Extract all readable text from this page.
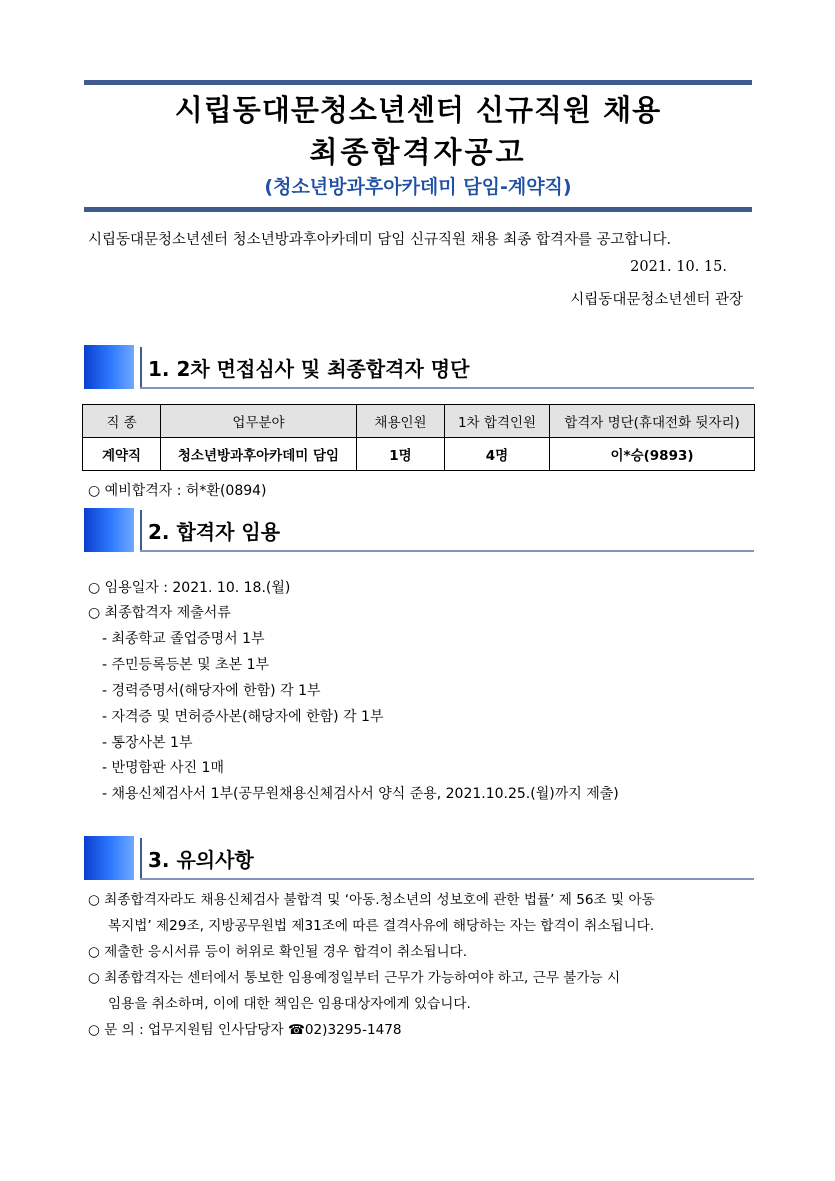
시립동대문청소년센터 신규직원 채용
최종합격자공고
(청소년방과후아카데미 담임-계약직)
시립동대문청소년센터 청소년방과후아카데미 담임 신규직원 채용 최종 합격자를 공고합니다.
2021. 10. 15.
시립동대문청소년센터 관장
1. 2차 면접심사 및 최종합격자 명단
직 종	업무분야	채용인원	1차 합격인원	합격자 명단(휴대전화 뒷자리)
계약직	청소년방과후아카데미 담임	1명	4명	이*승(9893)
○ 예비합격자 : 허*환(0894)
2. 합격자 임용
○ 임용일자 : 2021. 10. 18.(월)
○ 최종합격자 제출서류
- 최종학교 졸업증명서 1부
- 주민등록등본 및 초본 1부
- 경력증명서(해당자에 한함) 각 1부
- 자격증 및 면허증사본(해당자에 한함) 각 1부
- 통장사본 1부
- 반명함판 사진 1매
- 채용신체검사서 1부(공무원채용신체검사서 양식 준용, 2021.10.25.(월)까지 제출)
3. 유의사항
○ 최종합격자라도 채용신체검사 불합격 및 ‘아동.청소년의 성보호에 관한 법률’ 제 56조 및 아동
복지법’ 제29조, 지방공무원법 제31조에 따른 결격사유에 해당하는 자는 합격이 취소됩니다.
○ 제출한 응시서류 등이 허위로 확인될 경우 합격이 취소됩니다.
○ 최종합격자는 센터에서 통보한 임용예정일부터 근무가 가능하여야 하고, 근무 불가능 시
임용을 취소하며, 이에 대한 책임은 임용대상자에게 있습니다.
○ 문 의 : 업무지원팀 인사담당자 ☎02)3295-1478
